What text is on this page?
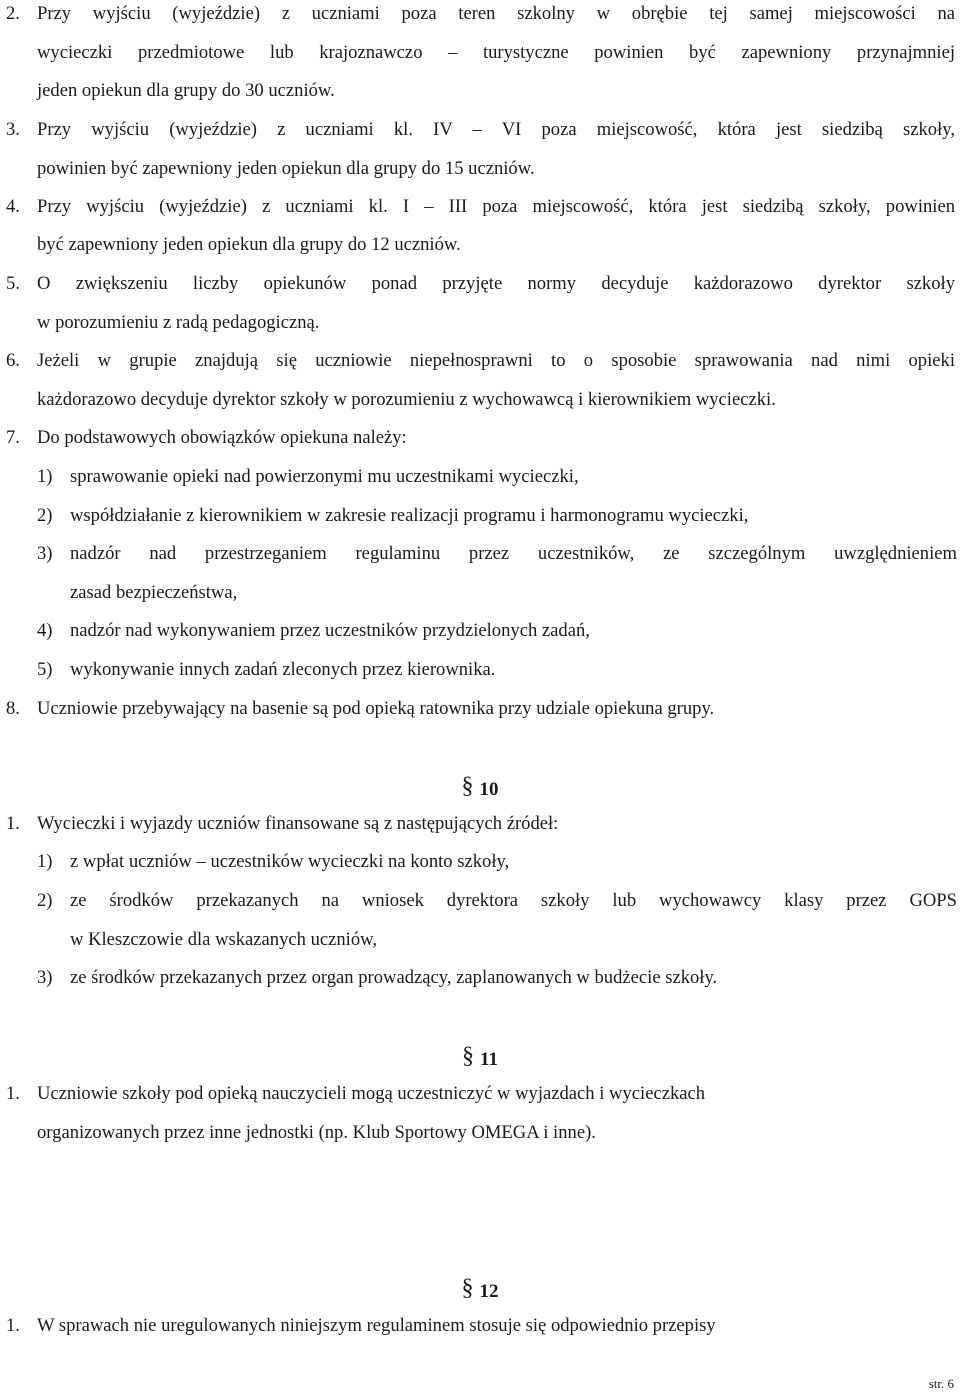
2. Przy wyjściu (wyjeździe) z uczniami poza teren szkolny w obrębie tej samej miejscowości na
wycieczki przedmiotowe lub krajoznawczo – turystyczne powinien być zapewniony przynajmniej
jeden opiekun dla grupy do 30 uczniów.
3. Przy wyjściu (wyjeździe) z uczniami kl. IV – VI poza miejscowość, która jest siedzibą szkoły,
powinien być zapewniony jeden opiekun dla grupy do 15 uczniów.
4. Przy wyjściu (wyjeździe) z uczniami kl. I – III poza miejscowość, która jest siedzibą szkoły, powinien
być zapewniony jeden opiekun dla grupy do 12 uczniów.
5. O zwiększeniu liczby opiekunów ponad przyjęte normy decyduje każdorazowo dyrektor szkoły
w porozumieniu z radą pedagogiczną.
6. Jeżeli w grupie znajdują się uczniowie niepełnosprawni to o sposobie sprawowania nad nimi opieki
każdorazowo decyduje dyrektor szkoły w porozumieniu z wychowawcą i kierownikiem wycieczki.
7. Do podstawowych obowiązków opiekuna należy:
1) sprawowanie opieki nad powierzonymi mu uczestnikami wycieczki,
2) współdziałanie z kierownikiem w zakresie realizacji programu i harmonogramu wycieczki,
3) nadzór nad przestrzeganiem regulaminu przez uczestników, ze szczególnym uwzględnieniem
zasad bezpieczeństwa,
4) nadzór nad wykonywaniem przez uczestników przydzielonych zadań,
5) wykonywanie innych zadań zleconych przez kierownika.
8. Uczniowie przebywający na basenie są pod opieką ratownika przy udziale opiekuna grupy.
§ 10
1. Wycieczki i wyjazdy uczniów finansowane są z następujących źródeł:
1) z wpłat uczniów – uczestników wycieczki na konto szkoły,
2) ze środków przekazanych na wniosek dyrektora szkoły lub wychowawcy klasy przez GOPS
w Kleszczowie dla wskazanych uczniów,
3) ze środków przekazanych przez organ prowadzący, zaplanowanych w budżecie szkoły.
§ 11
1. Uczniowie szkoły pod opieką nauczycieli mogą uczestniczyć w wyjazdach i wycieczkach
organizowanych przez inne jednostki (np. Klub Sportowy OMEGA i inne).
§ 12
1. W sprawach nie uregulowanych niniejszym regulaminem stosuje się odpowiednio przepisy
str. 6
